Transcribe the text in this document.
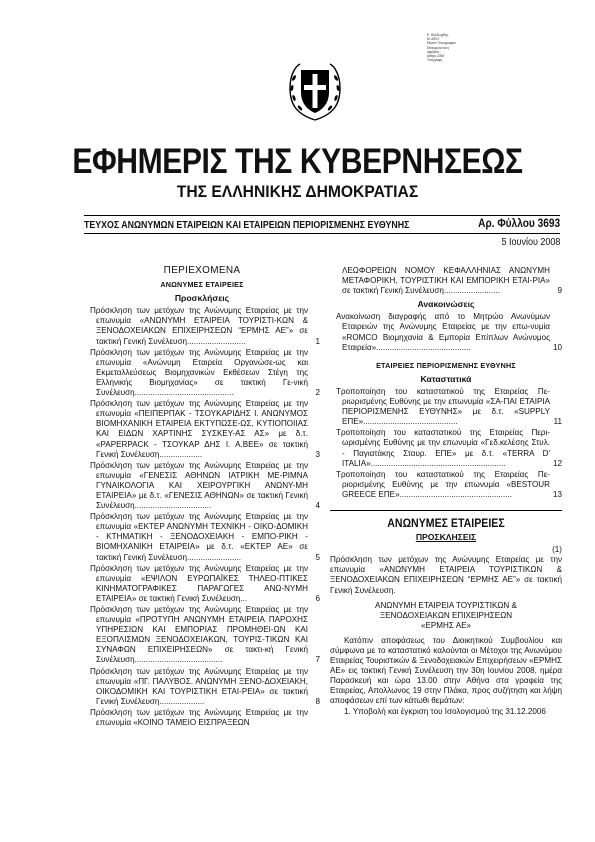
Ε. Θεοδωρίδης
Μ. Α/Ε/Χ
Εθνικό Τυπογραφείο
Επικυρώνεται η
ακρίβεια...
Αθήνα 2008
Υπογραφή
ΕΦΗΜΕΡΙΣ ΤΗΣ ΚΥΒΕΡΝΗΣΕΩΣ
ΤΗΣ ΕΛΛΗΝΙΚΗΣ ΔΗΜΟΚΡΑΤΙΑΣ
ΤΕΥΧΟΣ ΑΝΩΝΥΜΩΝ ΕΤΑΙΡΕΙΩΝ ΚΑΙ ΕΤΑΙΡΕΙΩΝ ΠΕΡΙΟΡΙΣΜΕΝΗΣ ΕΥΘΥΝΗΣ	Αρ. Φύλλου 3693
5 Ιουνίου 2008
ΠΕΡΙΕΧΟΜΕΝΑ
ΑΝΩΝΥΜΕΣ ΕΤΑΙΡΕΙΕΣ
Προσκλήσεις
Πρόσκληση των μετόχων της Ανώνυμης Εταιρείας με την επωνυμία «ΑΝΩΝΥΜΗ ΕΤΑΙΡΕΙΑ ΤΟΥΡΙΣΤΙ-ΚΩΝ & ΞΕΝΟΔΟΧΕΙΑΚΩΝ ΕΠΙΧΕΙΡΗΣΕΩΝ “ΕΡΜΗΣ ΑΕ”» σε τακτική Γενική Συνέλευση..........................	1
Πρόσκληση των μετόχων της Ανώνυμης Εταιρείας με την επωνυμία «Ανώνυμη Εταιρεία Οργανώσε-ως και Εκμεταλλεύσεως Βιομηχανικών Εκθέσεων Στέγη της Ελληνικής Βιομηχανίας» σε τακτική Γε-νική Συνέλευση............................................	2
Πρόσκληση των μετόχων της Ανώνυμης Εταιρείας με την επωνυμία «ΠΕΙΠΕΡΠΑΚ - ΤΣΟΥΚΑΡΙΔΗΣ Ι. ΑΝΩΝΥΜΟΣ ΒΙΟΜΗΧΑΝΙΚΗ ΕΤΑΙΡΕΙΑ ΕΚΤΥΠΩΣΕ-ΩΣ, ΚΥΤΙΟΠΟΙΙΑΣ ΚΑΙ ΕΙΔΩΝ ΧΑΡΤΙΝΗΣ ΣΥΣΚΕΥ-ΑΣ ΑΣ» με δ.τ. «PAPERPACK - ΤΣΟΥΚΑΡ ΔΗΣ Ι. Α.ΒΕΕ» σε τακτική Γενική Συνέλευση...................	3
Πρόσκληση των μετόχων της Ανώνυμης Εταιρείας με την επωνυμία «ΓΕΝΕΣΙΣ ΑΘΗΝΩΝ ΙΑΤΡΙΚΗ ΜΕ-ΡΙΜΝΑ ΓΥΝΑΙΚΟΛΟΓΙΑ ΚΑΙ ΧΕΙΡΟΥΡΓΙΚΗ ΑΝΩΝΥ-ΜΗ ΕΤΑΙΡΕΙΑ» με δ.τ. «ΓΕΝΕΣΙΣ ΑΘΗΝΩΝ» σε τακτική Γενική Συνέλευση..................................	4
Πρόσκληση των μετόχων της Ανώνυμης Εταιρείας με την επωνυμία «ΕΚΤΕΡ ΑΝΩΝΥΜΗ ΤΕΧΝΙΚΗ - ΟΙΚΟ-ΔΟΜΙΚΗ - ΚΤΗΜΑΤΙΚΗ - ΞΕΝΟΔΟΧΕΙΑΚΗ - ΕΜΠΟ-ΡΙΚΗ - ΒΙΟΜΗΧΑΝΙΚΗ ΕΤΑΙΡΕΙΑ» με δ.τ. «ΕΚΤΕΡ ΑΕ» σε τακτική Γενική Συνέλευση........................	5
Πρόσκληση των μετόχων της Ανώνυμης Εταιρείας με την επωνυμία «ΕΨΙΛΟΝ ΕΥΡΩΠΑΪΚΕΣ ΤΗΛΕΟ-ΠΤΙΚΕΣ ΚΙΝΗΜΑΤΟΓΡΑΦΙΚΕΣ ΠΑΡΑΓΩΓΕΣ ΑΝΩ-ΝΥΜΗ ΕΤΑΙΡΕΙΑ» σε τακτική Γενική Συνέλευση...	6
Πρόσκληση των μετόχων της Ανώνυμης Εταιρείας με την επωνυμία «ΠΡΟΤΥΠΗ ΑΝΩΝΥΜΗ ΕΤΑΙΡΕΙΑ ΠΑΡΟΧΗΣ ΥΠΗΡΕΣΙΩΝ ΚΑΙ ΕΜΠΟΡΙΑΣ ΠΡΟΜΗΘΕΙ-ΩΝ ΚΑΙ ΕΞΟΠΛΙΣΜΩΝ ΞΕΝΟΔΟΧΕΙΑΚΩΝ, ΤΟΥΡΙΣ-ΤΙΚΩΝ ΚΑΙ ΣΥΝΑΦΩΝ ΕΠΙΧΕΙΡΗΣΕΩΝ» σε τακτι-κή Γενική Συνέλευση.......................................	7
Πρόσκληση των μετόχων της Ανώνυμης Εταιρείας με την επωνυμία «ΠΓ. ΠΑΛΥΒΟΣ. ΑΝΩΝΥΜΗ ΞΕΝΟ-ΔΟΧΕΙΑΚΗ, ΟΙΚΟΔΟΜΙΚΗ ΚΑΙ ΤΟΥΡΙΣΤΙΚΗ ΕΤΑΙ-ΡΕΙΑ» σε τακτική Γενική Συνέλευση....................	8
Πρόσκληση των μετόχων της Ανώνυμης Εταιρείας με την επωνυμία «ΚΟΙΝΟ ΤΑΜΕΙΟ ΕΙΣΠΡΑΞΕΩΝ
ΛΕΩΦΟΡΕΙΩΝ ΝΟΜΟΥ ΚΕΦΑΛΛΗΝΙΑΣ ΑΝΩΝΥΜΗ ΜΕΤΑΦΟΡΙΚΗ, ΤΟΥΡΙΣΤΙΚΗ ΚΑΙ ΕΜΠΟΡΙΚΗ ΕΤΑΙ-ΡΙΑ» σε τακτική Γενική Συνέλευση.........................	9
Ανακοινώσεις
Ανακοίνωση διαγραφής από το Μητρώο Ανωνύμων Εταιρειών της Ανώνυμης Εταιρείας με την επω-νυμία «ROMCO Βιομηχανία & Εμπορία Επίπλων Ανώνυμος Εταιρεία»..........................................	10
ΕΤΑΙΡΕΙΕΣ ΠΕΡΙΟΡΙΣΜΕΝΗΣ ΕΥΘΥΝΗΣ
Καταστατικά
Τροποποίηση του καταστατικού της Εταιρείας Πε-ριωρισμένης Ευθύνης με την επωνυμία «ΣΑ-ΠΑΙ ΕΤΑΙΡΙΑ ΠΕΡΙΟΡΙΣΜΕΝΗΣ ΕΥΘΥΝΗΣ» με δ.τ. «SUPPLY ΕΠΕ»..........................................	11
Τροποποίηση του καταστατικού της Εταιρείας Περι-ωρισμένης Ευθύνης με την επωνυμία «Γεδ.κελέσης Στυλ. - Παγιατάκης Σταυρ. ΕΠΕ» με δ.τ. «TERRA D' ITALIA»............................................................	12
Τροποποίηση του καταστατικού της Εταιρείας Πε-ριορισμένης Ευθύνης με την επωνυμία «BESTOUR GREECE ΕΠΕ»..................................................	13
ΑΝΩΝΥΜΕΣ ΕΤΑΙΡΕΙΕΣ
ΠΡΟΣΚΛΗΣΕΙΣ
(1)
Πρόσκληση των μετόχων της Ανώνυμης Εταιρείας με την επωνυμία «ΑΝΩΝΥΜΗ ΕΤΑΙΡΕΙΑ ΤΟΥΡΙΣΤΙΚΩΝ & ΞΕΝΟΔΟΧΕΙΑΚΩΝ ΕΠΙΧΕΙΡΗΣΕΩΝ “ΕΡΜΗΣ ΑΕ”» σε τακτική Γενική Συνέλευση.
ΑΝΩΝΥΜΗ ΕΤΑΙΡΕΙΑ ΤΟΥΡΙΣΤΙΚΩΝ &
ΞΕΝΟΔΟΧΕΙΑΚΩΝ ΕΠΙΧΕΙΡΗΣΕΩΝ
«ΕΡΜΗΣ ΑΕ»
Κατόπιν αποφάσεως του Διοικητικού Συμβουλίου και σύμφωνα με το καταστατικό καλούνται οι Μέτοχοι της Ανωνύμου Εταιρείας Τουριστικών & Ξενοδοχειακών Επιχειρήσεων «ΕΡΜΗΣ ΑΕ» εις τακτική Γενική Συνέλευση την 30η Ιουνίου 2008, ημέρα Παρασκευή και ώρα 13.00 στην Αθήνα στα γραφεία της Εταιρείας, Απολλωνος 19 στην Πλάκα, προς συζήτηση και λήψη αποφάσεων επί των κάτωθι θεμάτων:
1. Υποβολή και έγκριση του Ισολογισμού της 31.12.2006
